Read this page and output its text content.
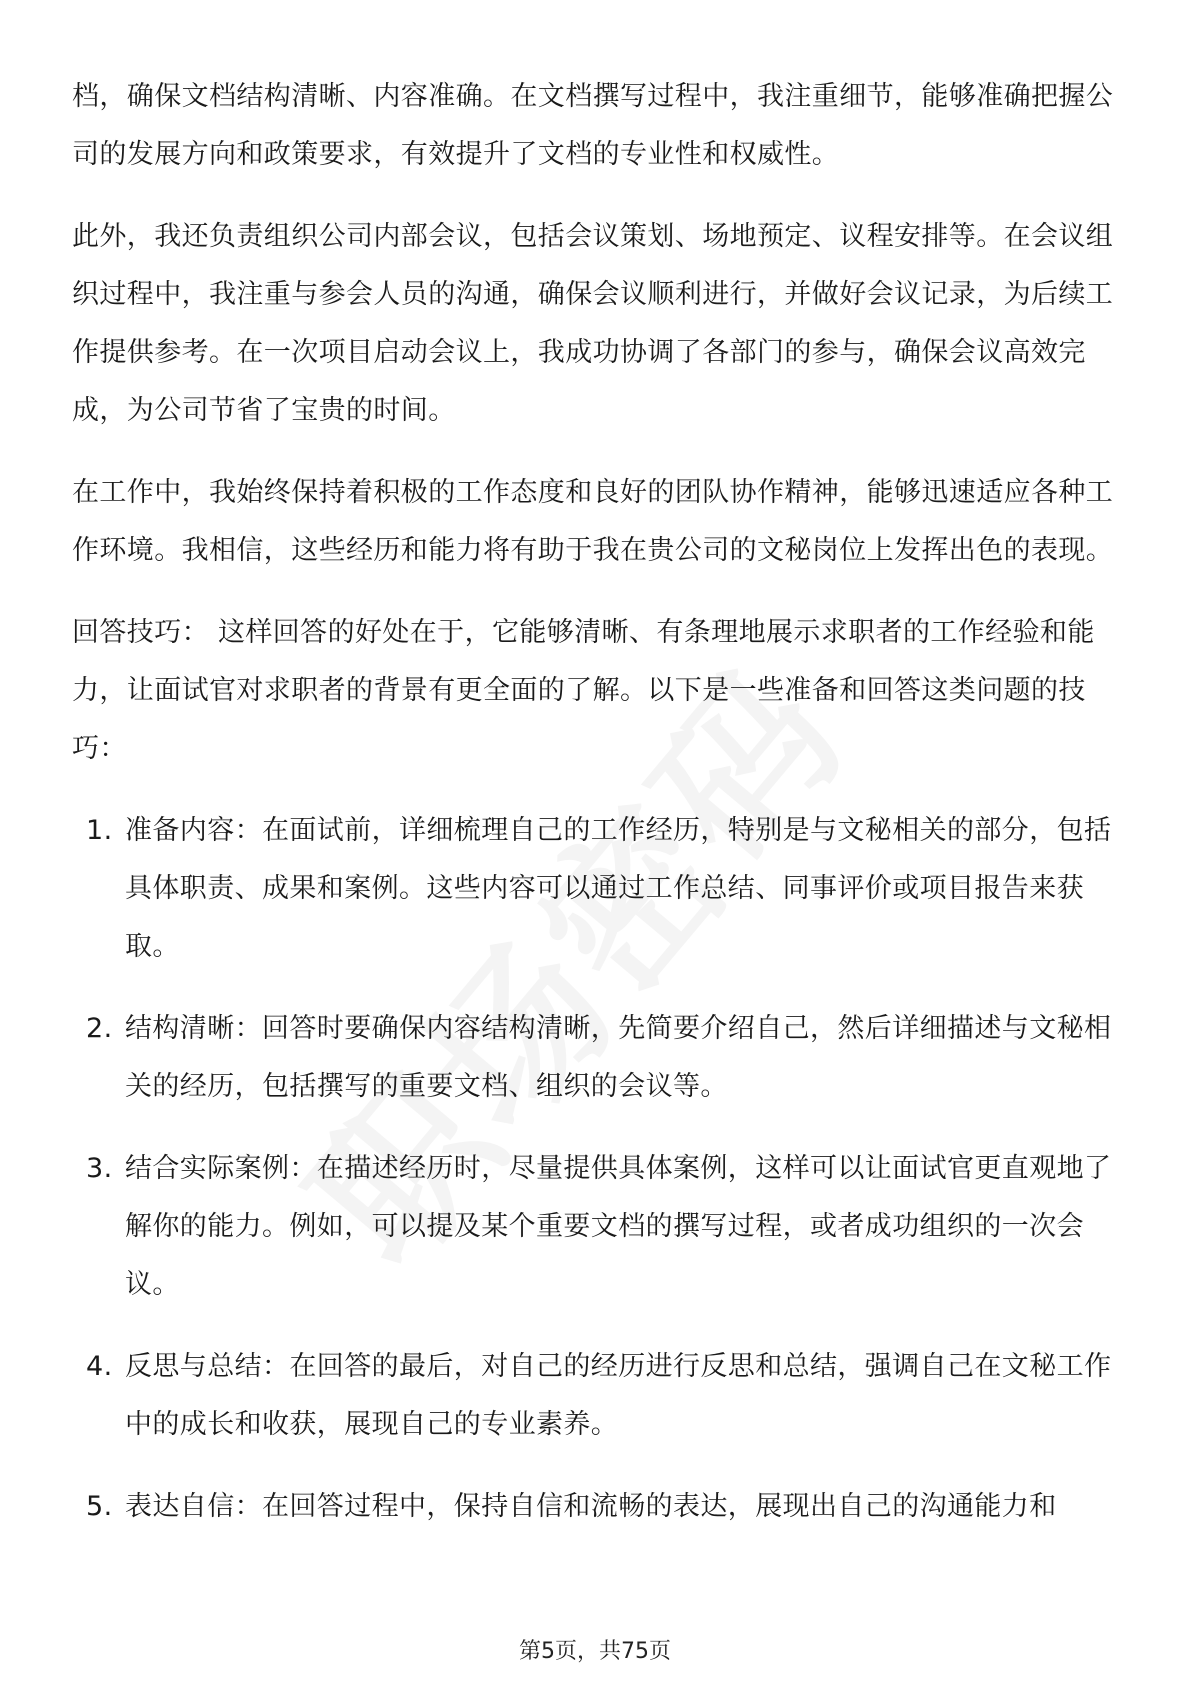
档，确保文档结构清晰、内容准确。在文档撰写过程中，我注重细节，能够准确把握公司的发展方向和政策要求，有效提升了文档的专业性和权威性。

此外，我还负责组织公司内部会议，包括会议策划、场地预定、议程安排等。在会议组织过程中，我注重与参会人员的沟通，确保会议顺利进行，并做好会议记录，为后续工作提供参考。在一次项目启动会议上，我成功协调了各部门的参与，确保会议高效完成，为公司节省了宝贵的时间。

在工作中，我始终保持着积极的工作态度和良好的团队协作精神，能够迅速适应各种工作环境。我相信，这些经历和能力将有助于我在贵公司的文秘岗位上发挥出色的表现。

回答技巧： 这样回答的好处在于，它能够清晰、有条理地展示求职者的工作经验和能力，让面试官对求职者的背景有更全面的了解。以下是一些准备和回答这类问题的技巧：

1. 准备内容：在面试前，详细梳理自己的工作经历，特别是与文秘相关的部分，包括具体职责、成果和案例。这些内容可以通过工作总结、同事评价或项目报告来获取。
2. 结构清晰：回答时要确保内容结构清晰，先简要介绍自己，然后详细描述与文秘相关的经历，包括撰写的重要文档、组织的会议等。
3. 结合实际案例：在描述经历时，尽量提供具体案例，这样可以让面试官更直观地了解你的能力。例如，可以提及某个重要文档的撰写过程，或者成功组织的一次会议。
4. 反思与总结：在回答的最后，对自己的经历进行反思和总结，强调自己在文秘工作中的成长和收获，展现自己的专业素养。
5. 表达自信：在回答过程中，保持自信和流畅的表达，展现出自己的沟通能力和
第5页，共75页
